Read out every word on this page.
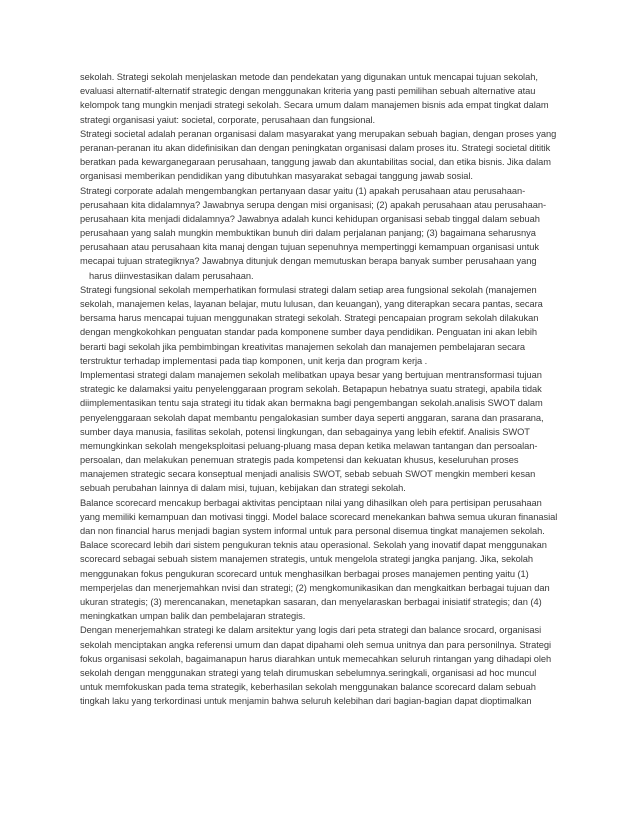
sekolah. Strategi sekolah menjelaskan metode dan pendekatan yang digunakan untuk mencapai tujuan sekolah,
evaluasi alternatif-alternatif strategic dengan menggunakan kriteria yang pasti pemilihan sebuah alternative atau
kelompok tang mungkin menjadi strategi sekolah. Secara umum dalam manajemen bisnis ada empat tingkat dalam
strategi organisasi yaiut: societal, corporate, perusahaan dan fungsional.
Strategi societal adalah peranan organisasi dalam masyarakat yang merupakan sebuah bagian, dengan proses yang
peranan-peranan itu akan didefinisikan dan dengan peningkatan organisasi dalam proses itu. Strategi societal dititik
beratkan pada kewarganegaraan perusahaan, tanggung jawab dan akuntabilitas social, dan etika bisnis. Jika dalam
organisasi memberikan pendidikan yang dibutuhkan masyarakat sebagai tanggung jawab sosial.
Strategi corporate adalah mengembangkan pertanyaan dasar yaitu (1) apakah perusahaan atau perusahaan-
perusahaan kita didalamnya? Jawabnya serupa dengan misi organisasi; (2) apakah perusahaan atau perusahaan-
perusahaan kita menjadi didalamnya? Jawabnya adalah kunci kehidupan organisasi sebab tinggal dalam sebuah
perusahaan yang salah mungkin membuktikan bunuh diri dalam perjalanan panjang; (3) bagaimana seharusnya
perusahaan atau perusahaan kita manaj dengan tujuan sepenuhnya mempertinggi kemampuan organisasi untuk
mecapai tujuan strategiknya? Jawabnya ditunjuk dengan memutuskan berapa banyak sumber perusahaan yang
harus diinvestasikan dalam perusahaan.
Strategi fungsional sekolah memperhatikan formulasi strategi dalam setiap area fungsional sekolah (manajemen
sekolah, manajemen kelas, layanan belajar, mutu lulusan, dan keuangan), yang diterapkan secara pantas, secara
bersama harus mencapai tujuan menggunakan strategi sekolah. Strategi pencapaian program sekolah dilakukan
dengan mengkokohkan penguatan standar pada komponene sumber daya pendidikan. Penguatan ini akan lebih
berarti bagi sekolah jika pembimbingan kreativitas manajemen sekolah dan manajemen pembelajaran secara
terstruktur terhadap implementasi pada tiap komponen, unit kerja dan program kerja .
Implementasi strategi dalam manajemen sekolah melibatkan upaya besar yang bertujuan mentransformasi tujuan
strategic ke dalamaksi yaitu penyelenggaraan program sekolah. Betapapun hebatnya suatu strategi, apabila tidak
diimplementasikan tentu saja strategi itu tidak akan bermakna bagi pengembangan sekolah.analisis SWOT dalam
penyelenggaraan sekolah dapat membantu pengalokasian sumber daya seperti anggaran, sarana dan prasarana,
sumber daya manusia, fasilitas sekolah, potensi lingkungan, dan sebagainya yang lebih efektif. Analisis SWOT
memungkinkan sekolah mengeksploitasi peluang-pluang masa depan ketika melawan tantangan dan persoalan-
persoalan, dan melakukan penemuan strategis pada kompetensi dan kekuatan khusus, keseluruhan proses
manajemen strategic secara konseptual menjadi analisis SWOT, sebab sebuah SWOT mengkin memberi kesan
sebuah perubahan lainnya di dalam misi, tujuan, kebijakan dan strategi sekolah.
Balance scorecard mencakup berbagai aktivitas penciptaan nilai yang dihasilkan oleh para pertisipan perusahaan
yang memiliki kemampuan dan motivasi tinggi. Model balace scorecard menekankan bahwa semua ukuran finanasial
dan non financial harus menjadi bagian system informal untuk para personal disemua tingkat manajemen sekolah.
Balace scorecard lebih dari sistem pengukuran teknis atau operasional. Sekolah yang inovatif dapat menggunakan
scorecard sebagai sebuah sistem manajemen strategis, untuk mengelola strategi jangka panjang. Jika, sekolah
menggunakan fokus pengukuran scorecard untuk menghasilkan berbagai proses manajemen penting yaitu (1)
memperjelas dan menerjemahkan nvisi dan strategi; (2) mengkomunikasikan dan mengkaitkan berbagai tujuan dan
ukuran strategis; (3) merencanakan, menetapkan sasaran, dan menyelaraskan berbagai inisiatif strategis; dan (4)
meningkatkan umpan balik dan pembelajaran strategis.
Dengan menerjemahkan strategi ke dalam arsitektur yang logis dari peta strategi dan balance srocard, organisasi
sekolah menciptakan angka referensi umum dan dapat dipahami oleh semua unitnya dan para personilnya. Strategi
fokus organisasi sekolah, bagaimanapun harus diarahkan untuk memecahkan seluruh rintangan yang dihadapi oleh
sekolah dengan menggunakan strategi yang telah dirumuskan sebelumnya.seringkali, organisasi ad hoc muncul
untuk memfokuskan pada tema strategik, keberhasilan sekolah menggunakan balance scorecard dalam sebuah
tingkah laku yang terkordinasi untuk menjamin bahwa seluruh kelebihan dari bagian-bagian dapat dioptimalkan
